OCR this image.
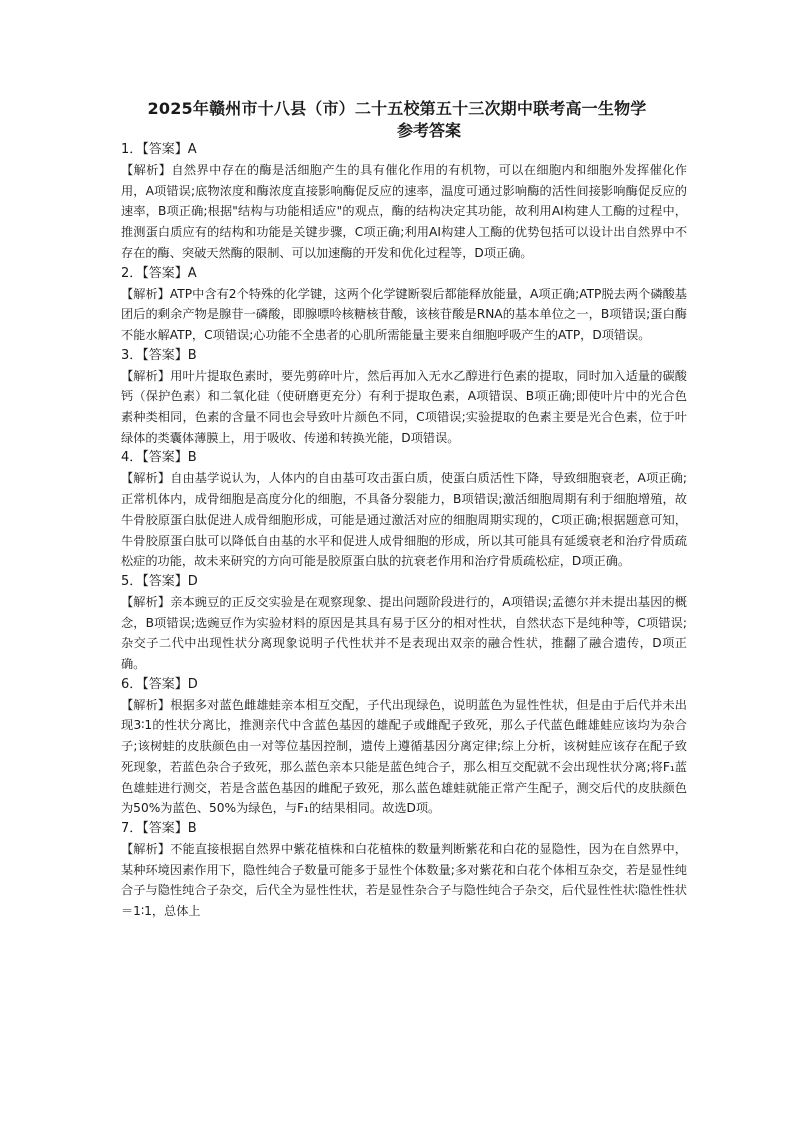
2025年赣州市十八县（市）二十五校第五十三次期中联考高一生物学
参考答案
1．【答案】A
【解析】自然界中存在的酶是活细胞产生的具有催化作用的有机物，可以在细胞内和细胞外发挥催化作用，A项错误;底物浓度和酶浓度直接影响酶促反应的速率，温度可通过影响酶的活性间接影响酶促反应的速率，B项正确;根据"结构与功能相适应"的观点，酶的结构决定其功能，故利用AI构建人工酶的过程中，推测蛋白质应有的结构和功能是关键步骤，C项正确;利用AI构建人工酶的优势包括可以设计出自然界中不存在的酶、突破天然酶的限制、可以加速酶的开发和优化过程等，D项正确。
2．【答案】A
【解析】ATP中含有2个特殊的化学键，这两个化学键断裂后都能释放能量，A项正确;ATP脱去两个磷酸基团后的剩余产物是腺苷一磷酸，即腺嘌呤核糖核苷酸，该核苷酸是RNA的基本单位之一，B项错误;蛋白酶不能水解ATP，C项错误;心功能不全患者的心肌所需能量主要来自细胞呼吸产生的ATP，D项错误。
3．【答案】B
【解析】用叶片提取色素时，要先剪碎叶片，然后再加入无水乙醇进行色素的提取，同时加入适量的碳酸钙（保护色素）和二氧化硅（使研磨更充分）有利于提取色素，A项错误、B项正确;即使叶片中的光合色素种类相同，色素的含量不同也会导致叶片颜色不同，C项错误;实验提取的色素主要是光合色素，位于叶绿体的类囊体薄膜上，用于吸收、传递和转换光能，D项错误。
4．【答案】B
【解析】自由基学说认为，人体内的自由基可攻击蛋白质，使蛋白质活性下降，导致细胞衰老，A项正确;正常机体内，成骨细胞是高度分化的细胞，不具备分裂能力，B项错误;激活细胞周期有利于细胞增殖，故牛骨胶原蛋白肽促进人成骨细胞形成，可能是通过激活对应的细胞周期实现的，C项正确;根据题意可知，牛骨胶原蛋白肽可以降低自由基的水平和促进人成骨细胞的形成，所以其可能具有延缓衰老和治疗骨质疏松症的功能，故未来研究的方向可能是胶原蛋白肽的抗衰老作用和治疗骨质疏松症，D项正确。
5．【答案】D
【解析】亲本豌豆的正反交实验是在观察现象、提出问题阶段进行的，A项错误;孟德尔并未提出基因的概念，B项错误;选豌豆作为实验材料的原因是其具有易于区分的相对性状，自然状态下是纯种等，C项错误;杂交子二代中出现性状分离现象说明子代性状并不是表现出双亲的融合性状，推翻了融合遗传，D项正确。
6．【答案】D
【解析】根据多对蓝色雌雄蛙亲本相互交配，子代出现绿色，说明蓝色为显性性状，但是由于后代并未出现3∶1的性状分离比，推测亲代中含蓝色基因的雄配子或雌配子致死，那么子代蓝色雌雄蛙应该均为杂合子;该树蛙的皮肤颜色由一对等位基因控制，遗传上遵循基因分离定律;综上分析，该树蛙应该存在配子致死现象，若蓝色杂合子致死，那么蓝色亲本只能是蓝色纯合子，那么相互交配就不会出现性状分离;将F₁蓝色雄蛙进行测交，若是含蓝色基因的雌配子致死，那么蓝色雄蛙就能正常产生配子，测交后代的皮肤颜色为50%为蓝色、50%为绿色，与F₁的结果相同。故选D项。
7．【答案】B
【解析】不能直接根据自然界中紫花植株和白花植株的数量判断紫花和白花的显隐性，因为在自然界中，某种环境因素作用下，隐性纯合子数量可能多于显性个体数量;多对紫花和白花个体相互杂交，若是显性纯合子与隐性纯合子杂交，后代全为显性性状，若是显性杂合子与隐性纯合子杂交，后代显性性状∶隐性性状＝1∶1，总体上
